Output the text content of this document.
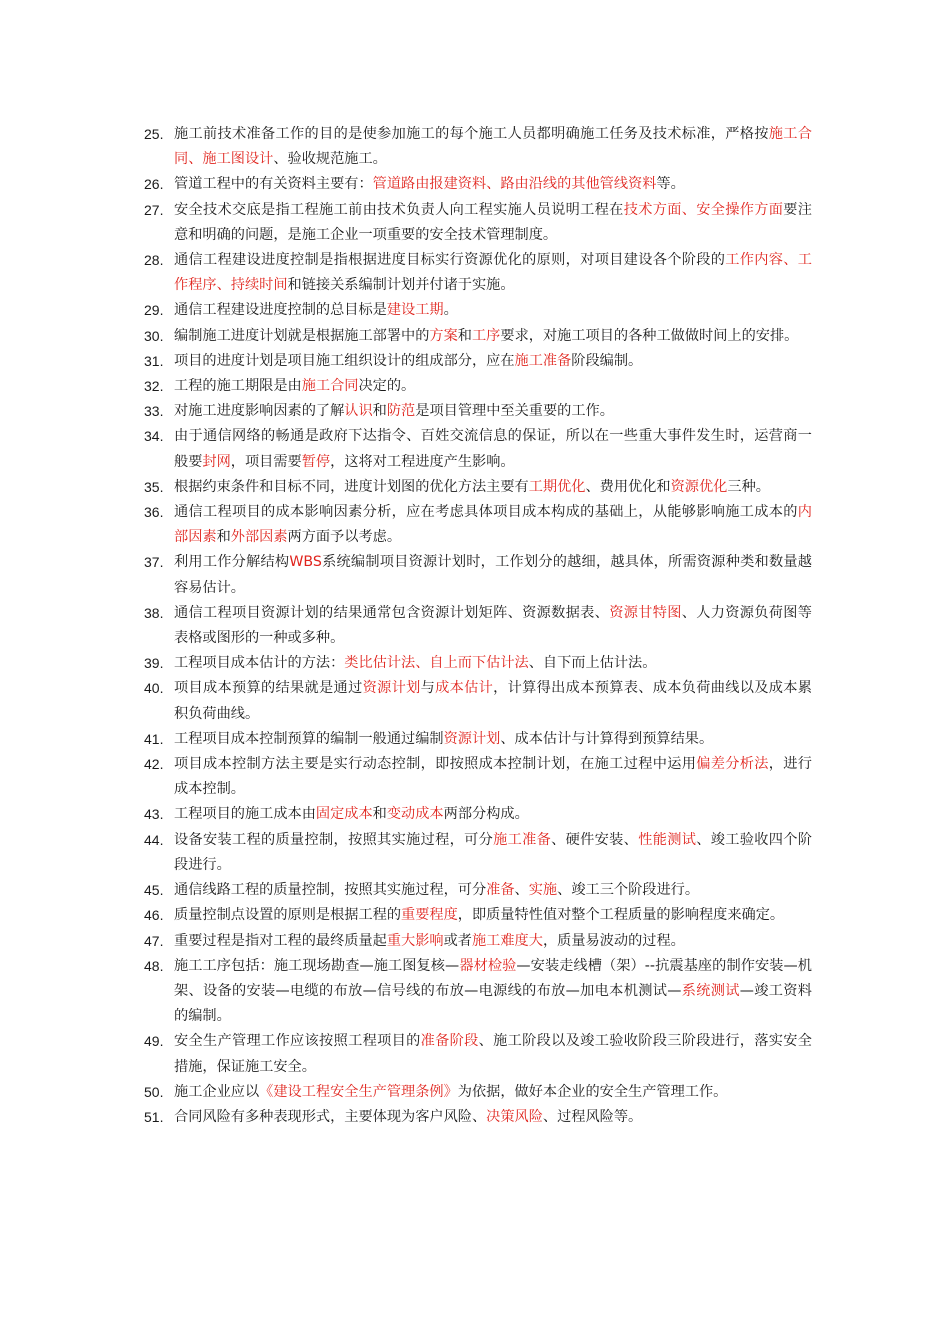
25. 施工前技术准备工作的目的是使参加施工的每个施工人员都明确施工任务及技术标准，严格按施工合同、施工图设计、验收规范施工。
26. 管道工程中的有关资料主要有：管道路由报建资料、路由沿线的其他管线资料等。
27. 安全技术交底是指工程施工前由技术负责人向工程实施人员说明工程在技术方面、安全操作方面要注意和明确的问题，是施工企业一项重要的安全技术管理制度。
28. 通信工程建设进度控制是指根据进度目标实行资源优化的原则，对项目建设各个阶段的工作内容、工作程序、持续时间和链接关系编制计划并付诸于实施。
29. 通信工程建设进度控制的总目标是建设工期。
30. 编制施工进度计划就是根据施工部署中的方案和工序要求，对施工项目的各种工做做时间上的安排。
31. 项目的进度计划是项目施工组织设计的组成部分，应在施工准备阶段编制。
32. 工程的施工期限是由施工合同决定的。
33. 对施工进度影响因素的了解认识和防范是项目管理中至关重要的工作。
34. 由于通信网络的畅通是政府下达指令、百姓交流信息的保证，所以在一些重大事件发生时，运营商一般要封网，项目需要暂停，这将对工程进度产生影响。
35. 根据约束条件和目标不同，进度计划图的优化方法主要有工期优化、费用优化和资源优化三种。
36. 通信工程项目的成本影响因素分析，应在考虑具体项目成本构成的基础上，从能够影响施工成本的内部因素和外部因素两方面予以考虑。
37. 利用工作分解结构WBS系统编制项目资源计划时，工作划分的越细，越具体，所需资源种类和数量越容易估计。
38. 通信工程项目资源计划的结果通常包含资源计划矩阵、资源数据表、资源甘特图、人力资源负荷图等表格或图形的一种或多种。
39. 工程项目成本估计的方法：类比估计法、自上而下估计法、自下而上估计法。
40. 项目成本预算的结果就是通过资源计划与成本估计，计算得出成本预算表、成本负荷曲线以及成本累积负荷曲线。
41. 工程项目成本控制预算的编制一般通过编制资源计划、成本估计与计算得到预算结果。
42. 项目成本控制方法主要是实行动态控制，即按照成本控制计划，在施工过程中运用偏差分析法，进行成本控制。
43. 工程项目的施工成本由固定成本和变动成本两部分构成。
44. 设备安装工程的质量控制，按照其实施过程，可分施工准备、硬件安装、性能测试、竣工验收四个阶段进行。
45. 通信线路工程的质量控制，按照其实施过程，可分准备、实施、竣工三个阶段进行。
46. 质量控制点设置的原则是根据工程的重要程度，即质量特性值对整个工程质量的影响程度来确定。
47. 重要过程是指对工程的最终质量起重大影响或者施工难度大，质量易波动的过程。
48. 施工工序包括：施工现场勘查—施工图复核—器材检验—安装走线槽（架）--抗震基座的制作安装—机架、设备的安装—电缆的布放—信号线的布放—电源线的布放—加电本机测试—系统测试—竣工资料的编制。
49. 安全生产管理工作应该按照工程项目的准备阶段、施工阶段以及竣工验收阶段三阶段进行，落实安全措施，保证施工安全。
50. 施工企业应以《建设工程安全生产管理条例》为依据，做好本企业的安全生产管理工作。
51. 合同风险有多种表现形式，主要体现为客户风险、决策风险、过程风险等。
